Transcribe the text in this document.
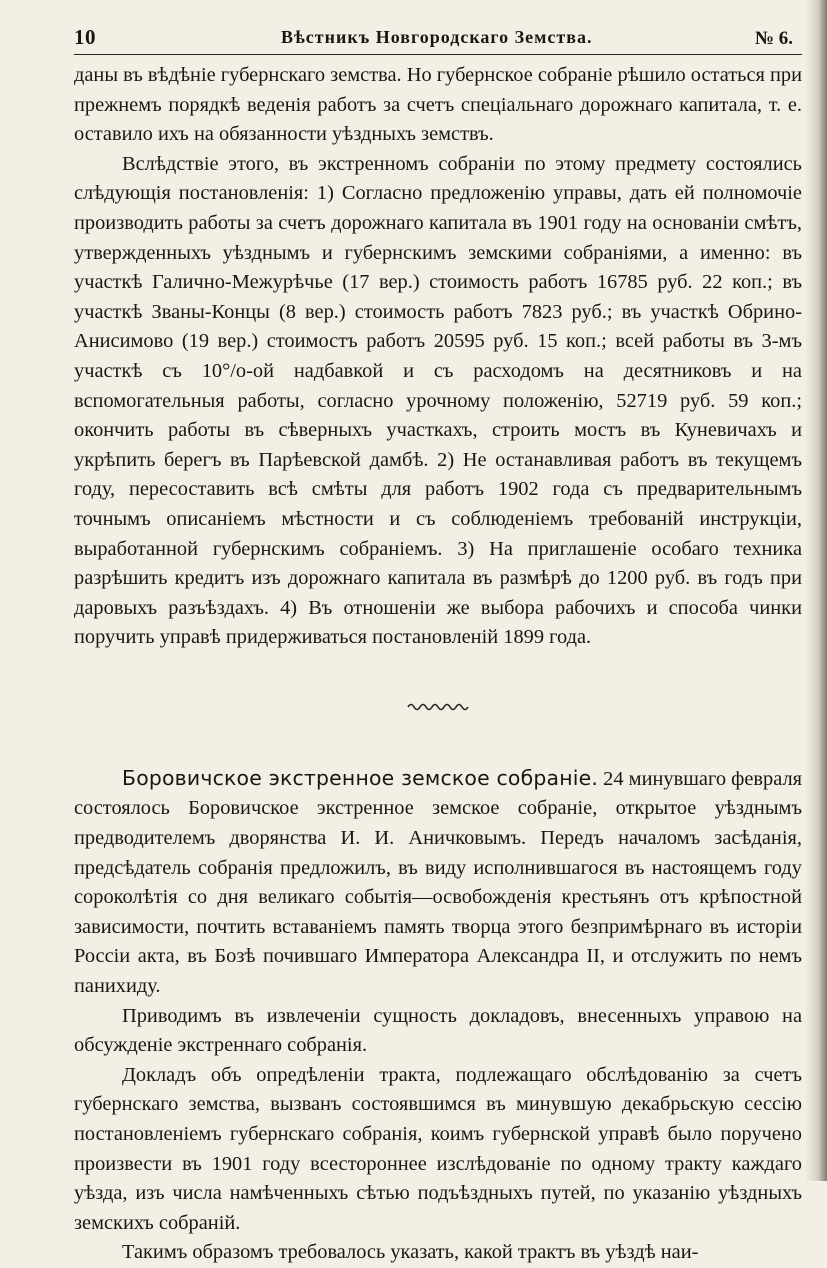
10	Вѣстникъ Новгородскаго Земства.	№ 6.

даны въ вѣдѣніе губернскаго земства. Но губернское собраніе рѣшило остаться при прежнемъ порядкѣ веденія работъ за счетъ спеціальнаго дорожнаго капитала, т. е. оставило ихъ на обязанности уѣздныхъ земствъ.

Вслѣдствіе этого, въ экстренномъ собраніи по этому предмету состоялись слѣдующія постановленія: 1) Согласно предложенію управы, дать ей полномочіе производить работы за счетъ дорожнаго капитала въ 1901 году на основаніи смѣтъ, утвержденныхъ уѣзднымъ и губернскимъ земскими собраніями, а именно: въ участкѣ Галично-Межурѣчье (17 вер.) стоимость работъ 16785 руб. 22 коп.; въ участкѣ Званы-Концы (8 вер.) стоимость работъ 7823 руб.; въ участкѣ Обрино-Анисимово (19 вер.) стоимостъ работъ 20595 руб. 15 коп.; всей работы въ 3-мъ участкѣ съ 10°/о-ой надбавкой и съ расходомъ на десятниковъ и на вспомогательныя работы, согласно урочному положенію, 52719 руб. 59 коп.; окончить работы въ сѣверныхъ участкахъ, строить мостъ въ Куневичахъ и укрѣпить берегъ въ Парѣевской дамбѣ. 2) Не останавливая работъ въ текущемъ году, пересоставить всѣ смѣты для работъ 1902 года съ предварительнымъ точнымъ описаніемъ мѣстности и съ соблюденіемъ требованій инструкціи, выработанной губернскимъ собраніемъ. 3) На приглашеніе особаго техника разрѣшить кредитъ изъ дорожнаго капитала въ размѣрѣ до 1200 руб. въ годъ при даровыхъ разъѣздахъ. 4) Въ отношеніи же выбора рабочихъ и способа чинки поручить управѣ придерживаться постановленій 1899 года.

Боровичское экстренное земское собраніе. 24 минувшаго февраля состоялось Боровичское экстренное земское собраніе, открытое уѣзднымъ предводителемъ дворянства И. И. Аничковымъ. Передъ началомъ засѣданія, предсѣдатель собранія предложилъ, въ виду исполнившагося въ настоящемъ году сороколѣтія со дня великаго событія—освобожденія крестьянъ отъ крѣпостной зависимости, почтить вставаніемъ память творца этого безпримѣрнаго въ исторіи Россіи акта, въ Бозѣ почившаго Императора Александра II, и отслужить по немъ панихиду.

Приводимъ въ извлеченіи сущность докладовъ, внесенныхъ управою на обсужденіе экстреннаго собранія.

Докладъ объ опредѣленіи тракта, подлежащаго обслѣдованію за счетъ губернскаго земства, вызванъ состоявшимся въ минувшую декабрьскую сессію постановленіемъ губернскаго собранія, коимъ губернской управѣ было поручено произвести въ 1901 году всестороннее изслѣдованіе по одному тракту каждаго уѣзда, изъ числа намѣченныхъ сѣтью подъѣздныхъ путей, по указанію уѣздныхъ земскихъ собраній.

Такимъ образомъ требовалось указать, какой трактъ въ уѣздѣ наи-
